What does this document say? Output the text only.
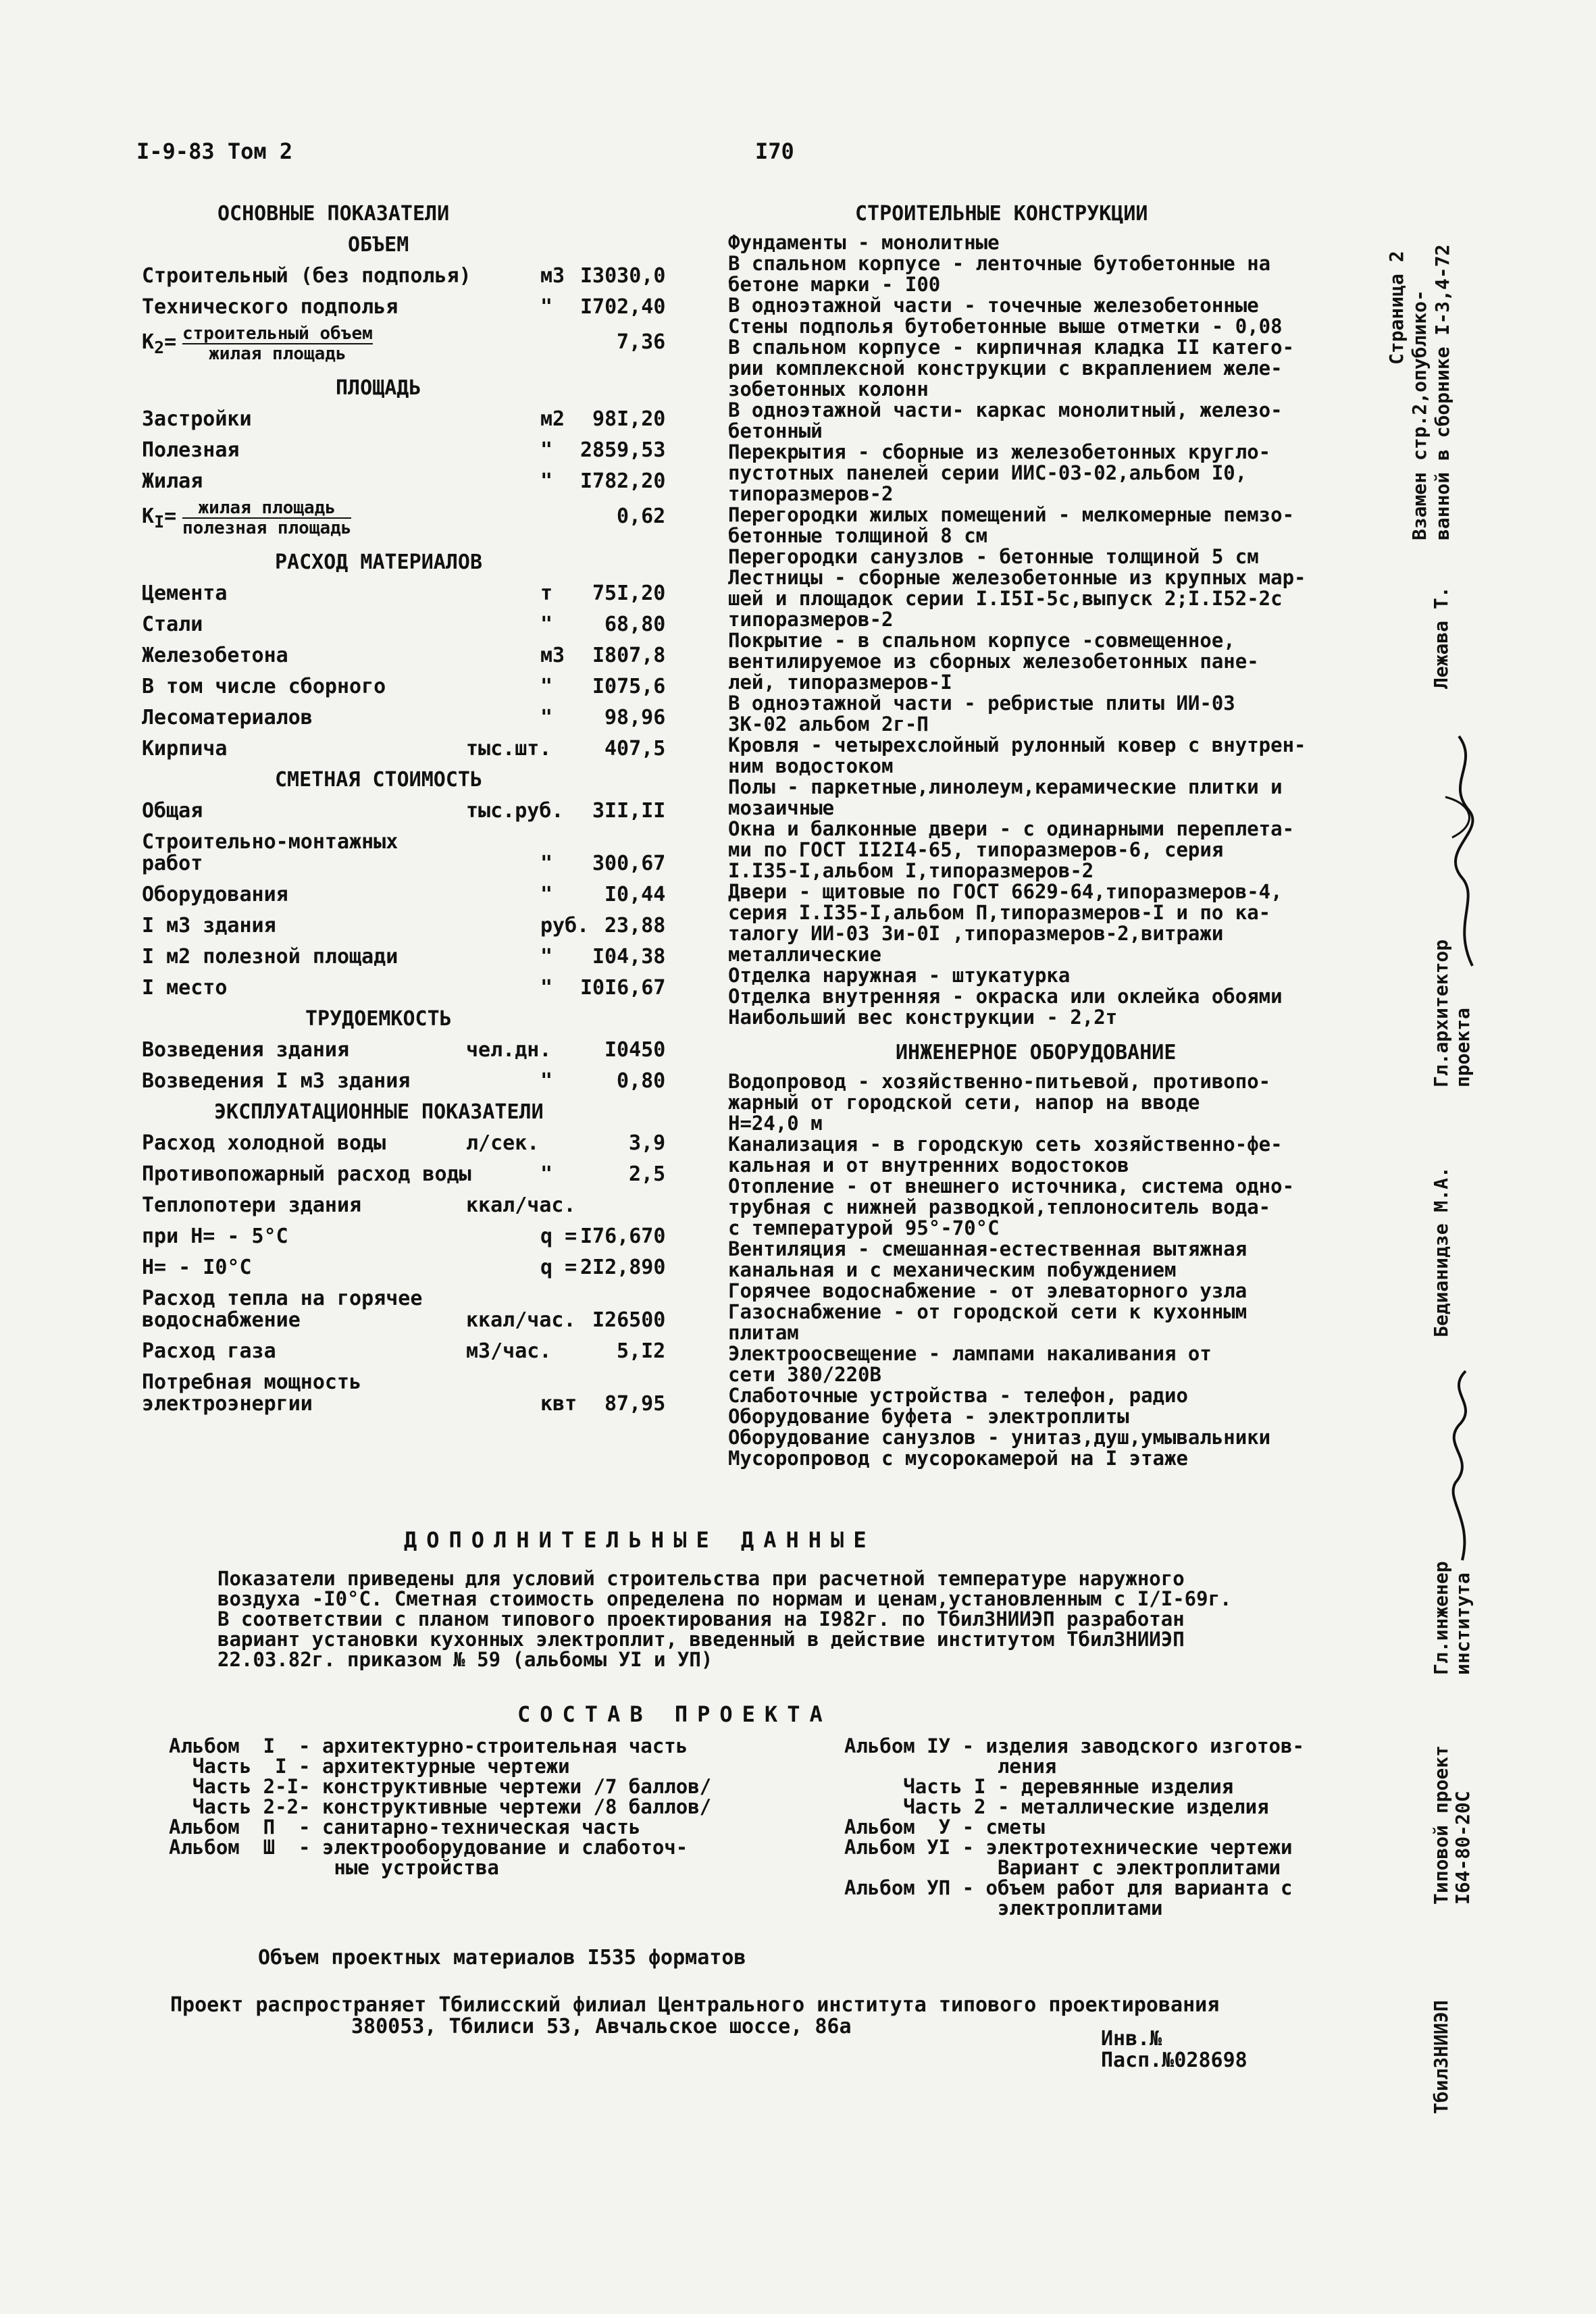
I-9-83 Том 2	I70
ОСНОВНЫЕ ПОКАЗАТЕЛИ
ОБЪЕМ
Строительный (без подполья)	м3 I3030,0
Технического подполья	" I702,40
$К_2=$ строительный объем
жилая площадь	7,36
ПЛОЩАДЬ
Застройки	м2 98I,20
Полезная	" 2859,53
Жилая	" I782,20
$К_I=$	жилая площадь
полезная площадь	0,62
РАСХОД МАТЕРИАЛОВ
Цемента	т 75I,20
Стали	"	68,80
Железобетона	м3 I807,8
В том числе сборного	" I075,6
Лесоматериалов	"	98,96
Кирпича	тыс.шт.	407,5
СМЕТНАЯ СТОИМОСТЬ
Общая	тыс.руб. 3II,II
Строительно-монтажных
работ	" 300,67
Оборудования	"	I0,44
I м3 здания	руб. 23,88
I м2 полезной площади	" I04,38
I место	" I0I6,67
ТРУДОЕМКОСТЬ
Возведения здания	чел.дн.	I0450
Возведения I м3 здания	"	0,80
ЭКСПЛУАТАЦИОННЫЕ ПОКАЗАТЕЛИ
Расход холодной воды	л/сек.	3,9
Противопожарный расход воды	"	2,5
Теплопотери здания	ккал/час.
при Н= - 5°С	q = I76,670
Н= - I0°С	q = 2I2,890
Расход тепла на горячее
водоснабжение	ккал/час. I26500
Расход газа	м3/час.	5,I2
Потребная мощность
электроэнергии	квт 87,95
СТРОИТЕЛЬНЫЕ КОНСТРУКЦИИ
Фундаменты - монолитные
В спальном корпусе - ленточные бутобетонные на
бетоне марки - I00
В одноэтажной части - точечные железобетонные
Стены подполья бутобетонные выше отметки - 0,08
В спальном корпусе - кирпичная кладка II катего-
рии комплексной конструкции с вкраплением желе-
зобетонных колонн
В одноэтажной части- каркас монолитный, железо-
бетонный
Перекрытия - сборные из железобетонных кругло-
пустотных панелей серии ИИС-03-02,альбом I0,
типоразмеров-2
Перегородки жилых помещений - мелкомерные пемзо-
бетонные толщиной 8 см
Перегородки санузлов - бетонные толщиной 5 см
Лестницы - сборные железобетонные из крупных мар-
шей и площадок серии I.I5I-5с,выпуск 2;I.I52-2с
типоразмеров-2
Покрытие - в спальном корпусе -совмещенное,
вентилируемое из сборных железобетонных пане-
лей, типоразмеров-I
В одноэтажной части - ребристые плиты ИИ-03
ЗК-02 альбом 2г-П
Кровля - четырехслойный рулонный ковер с внутрен-
ним водостоком
Полы - паркетные,линолеум,керамические плитки и
мозаичные
Окна и балконные двери - с одинарными переплета-
ми по ГОСТ II2I4-65, типоразмеров-6, серия
I.I35-I,альбом I,типоразмеров-2
Двери - щитовые по ГОСТ 6629-64,типоразмеров-4,
серия I.I35-I,альбом П,типоразмеров-I и по ка-
талогу ИИ-03 3и-0I ,типоразмеров-2,витражи
металлические
Отделка наружная - штукатурка
Отделка внутренняя - окраска или оклейка обоями
Наибольший вес конструкции - 2,2т
ИНЖЕНЕРНОЕ ОБОРУДОВАНИЕ
Водопровод - хозяйственно-питьевой, противопо-
жарный от городской сети, напор на вводе
Н=24,0 м
Канализация - в городскую сеть хозяйственно-фе-
кальная и от внутренних водостоков
Отопление - от внешнего источника, система одно-
трубная с нижней разводкой,теплоноситель вода-
с температурой 95°-70°С
Вентиляция - смешанная-естественная вытяжная
канальная и с механическим побуждением
Горячее водоснабжение - от элеваторного узла
Газоснабжение - от городской сети к кухонным
плитам
Электроосвещение - лампами накаливания от
сети 380/220В
Слаботочные устройства - телефон, радио
Оборудование буфета - электроплиты
Оборудование санузлов - унитаз,душ,умывальники
Мусоропровод с мусорокамерой на I этаже
ДОПОЛНИТЕЛЬНЫЕ ДАННЫЕ
Показатели приведены для условий строительства при расчетной температуре наружного
воздуха -I0°С. Сметная стоимость определена по нормам и ценам,установленным с I/I-69г.
В соответствии с планом типового проектирования на I982г. по ТбилЗНИИЭП разработан
вариант установки кухонных электроплит, введенный в действие институтом ТбилЗНИИЭП
22.03.82г. приказом № 59 (альбомы УI и УП)
СОСТАВ ПРОЕКТА
Альбом  I  - архитектурно-строительная часть
Часть  I - архитектурные чертежи
Часть 2-I- конструктивные чертежи /7 баллов/
Часть 2-2- конструктивные чертежи /8 баллов/
Альбом  П  - санитарно-техническая часть
Альбом  Ш  - электрооборудование и слаботоч-
ные устройства
Альбом IУ - изделия заводского изготов-
ления
Часть I - деревянные изделия
Часть 2 - металлические изделия
Альбом  У - сметы
Альбом УI - электротехнические чертежи
Вариант с электроплитами
Альбом УП - объем работ для варианта с
электроплитами
Объем проектных материалов I535 форматов
Проект распространяет Тбилисский филиал Центрального института типового проектирования
380053, Тбилиси 53, Авчальское шоссе, 86а
Инв.№
Пасп.№028698
Взамен стр.2,опублико- ванной в сборнике I-3,4-72
Страница 2
Гл.архитектор проекта
Лежава Т.
Гл.инженер института
Бедианидзе М.А.
Типовой проект I64-80-20С
ТбилЗНИИЭП
